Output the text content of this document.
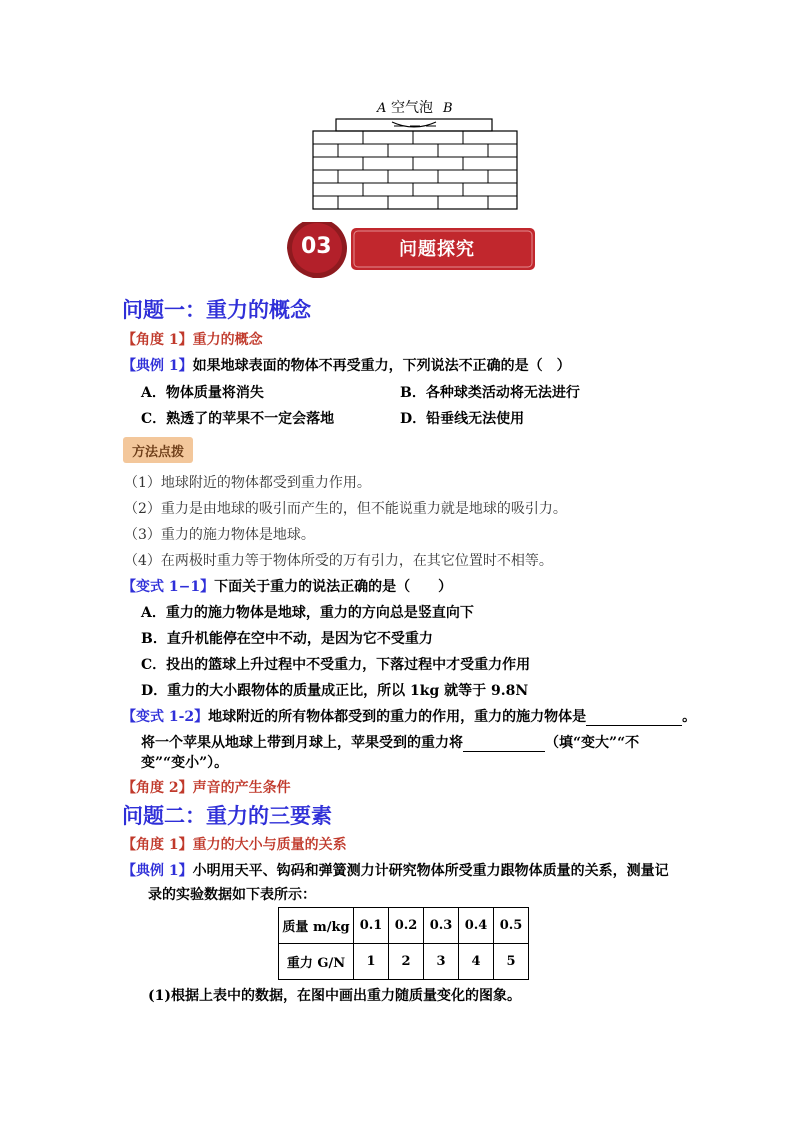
A 空气泡 B
03	问题探究
问题一：重力的概念
【角度 1】重力的概念
【典例 1】如果地球表面的物体不再受重力，下列说法不正确的是（　）
A．物体质量将消失	B．各种球类活动将无法进行
C．熟透了的苹果不一定会落地	D．铅垂线无法使用
方法点拨
（1）地球附近的物体都受到重力作用。
（2）重力是由地球的吸引而产生的，但不能说重力就是地球的吸引力。
（3）重力的施力物体是地球。
（4）在两极时重力等于物体所受的万有引力，在其它位置时不相等。
【变式 1−1】下面关于重力的说法正确的是（　　）
A．重力的施力物体是地球，重力的方向总是竖直向下
B．直升机能停在空中不动，是因为它不受重力
C．投出的篮球上升过程中不受重力，下落过程中才受重力作用
D．重力的大小跟物体的质量成正比，所以 1kg 就等于 9.8N
【变式 1-2】地球附近的所有物体都受到的重力的作用，重力的施力物体是	。
将一个苹果从地球上带到月球上，苹果受到的重力将	（填“变大”“不
变”“变小”）。
【角度 2】声音的产生条件
问题二：重力的三要素
【角度 1】重力的大小与质量的关系
【典例 1】小明用天平、钩码和弹簧测力计研究物体所受重力跟物体质量的关系，测量记
录的实验数据如下表所示：
质量 m/kg	0.1	0.2	0.3	0.4	0.5
重力 G/N	1	2	3	4	5
(1)根据上表中的数据，在图中画出重力随质量变化的图象。
